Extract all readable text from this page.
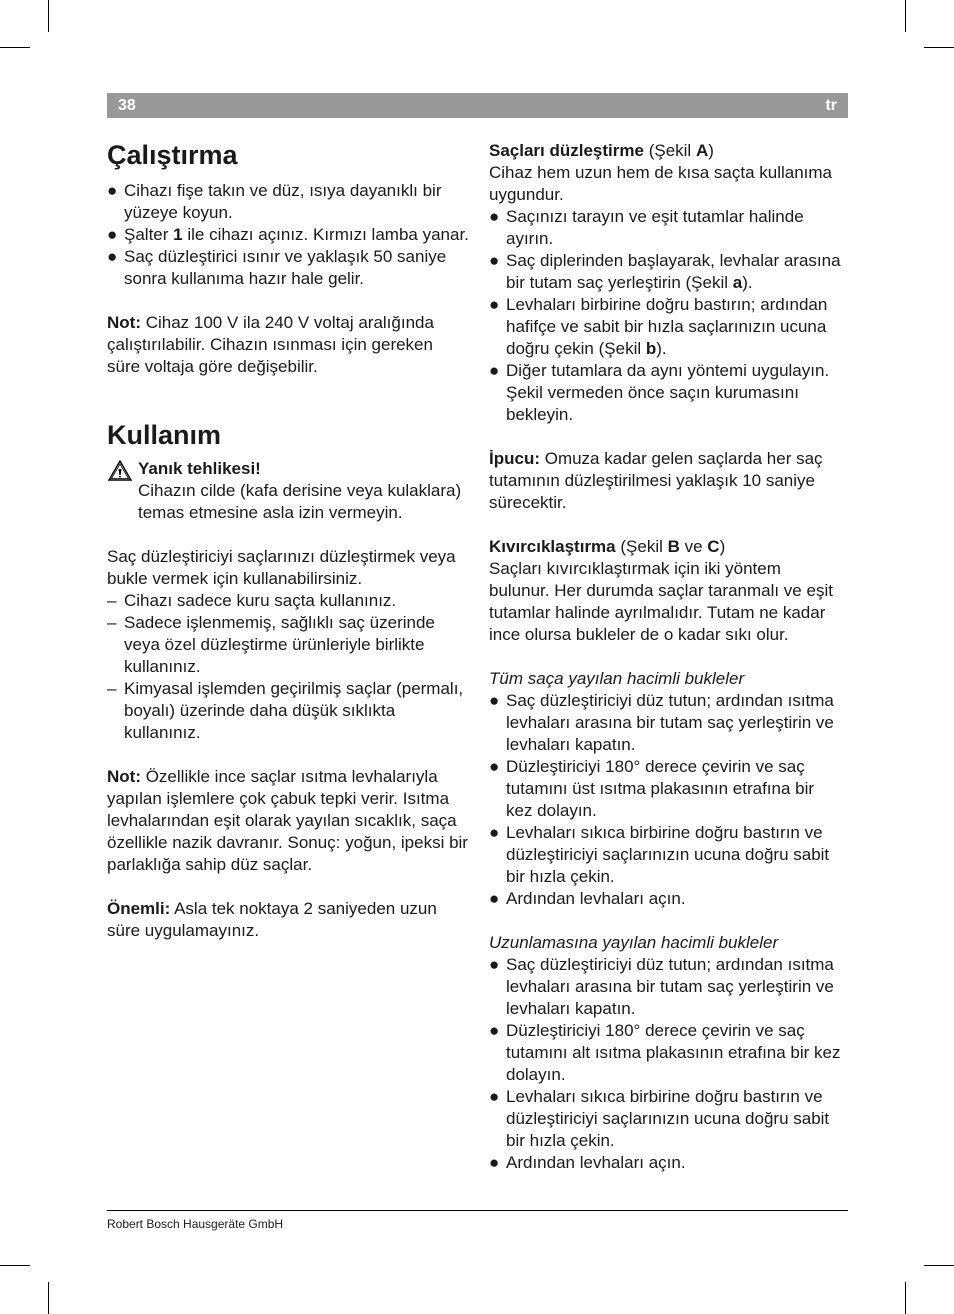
38	tr
Çalıştırma
● Cihazı fişe takın ve düz, ısıya dayanıklı bir yüzeye koyun.
● Şalter 1 ile cihazı açınız. Kırmızı lamba yanar.
● Saç düzleştirici ısınır ve yaklaşık 50 saniye sonra kullanıma hazır hale gelir.

Not: Cihaz 100 V ila 240 V voltaj aralığında çalıştırılabilir. Cihazın ısınması için gereken süre voltaja göre değişebilir.

Kullanım
Yanık tehlikesi!
Cihazın cilde (kafa derisine veya kulaklara) temas etmesine asla izin vermeyin.

Saç düzleştiriciyi saçlarınızı düzleştirmek veya bukle vermek için kullanabilirsiniz.

– Cihazı sadece kuru saçta kullanınız.
– Sadece işlenmemiş, sağlıklı saç üzerinde veya özel düzleştirme ürünleriyle birlikte kullanınız.
– Kimyasal işlemden geçirilmiş saçlar (permalı, boyalı) üzerinde daha düşük sıklıkta kullanınız.

Not: Özellikle ince saçlar ısıtma levhalarıyla yapılan işlemlere çok çabuk tepki verir. Isıtma levhalarından eşit olarak yayılan sıcaklık, saça özellikle nazik davranır. Sonuç: yoğun, ipeksi bir parlaklığa sahip düz saçlar.

Önemli: Asla tek noktaya 2 saniyeden uzun süre uygulamayınız.

Saçları düzleştirme (Şekil A)

Cihaz hem uzun hem de kısa saçta kullanıma uygundur.

● Saçınızı tarayın ve eşit tutamlar halinde ayırın.
● Saç diplerinden başlayarak, levhalar arasına bir tutam saç yerleştirin (Şekil a).
● Levhaları birbirine doğru bastırın; ardından hafifçe ve sabit bir hızla saçlarınızın ucuna doğru çekin (Şekil b).
● Diğer tutamlara da aynı yöntemi uygulayın. Şekil vermeden önce saçın kurumasını bekleyin.

İpucu: Omuza kadar gelen saçlarda her saç tutamının düzleştirilmesi yaklaşık 10 saniye sürecektir.

Kıvırcıklaştırma (Şekil B ve C)

Saçları kıvırcıklaştırmak için iki yöntem bulunur. Her durumda saçlar taranmalı ve eşit tutamlar halinde ayrılmalıdır. Tutam ne kadar ince olursa bukleler de o kadar sıkı olur.

Tüm saça yayılan hacimli bukleler

● Saç düzleştiriciyi düz tutun; ardından ısıtma levhaları arasına bir tutam saç yerleştirin ve levhaları kapatın.
● Düzleştiriciyi 180° derece çevirin ve saç tutamını üst ısıtma plakasının etrafına bir kez dolayın.
● Levhaları sıkıca birbirine doğru bastırın ve düzleştiriciyi saçlarınızın ucuna doğru sabit bir hızla çekin.
● Ardından levhaları açın.

Uzunlamasına yayılan hacimli bukleler

● Saç düzleştiriciyi düz tutun; ardından ısıtma levhaları arasına bir tutam saç yerleştirin ve levhaları kapatın.
● Düzleştiriciyi 180° derece çevirin ve saç tutamını alt ısıtma plakasının etrafına bir kez dolayın.
● Levhaları sıkıca birbirine doğru bastırın ve düzleştiriciyi saçlarınızın ucuna doğru sabit bir hızla çekin.
● Ardından levhaları açın.
Robert Bosch Hausgeräte GmbH
